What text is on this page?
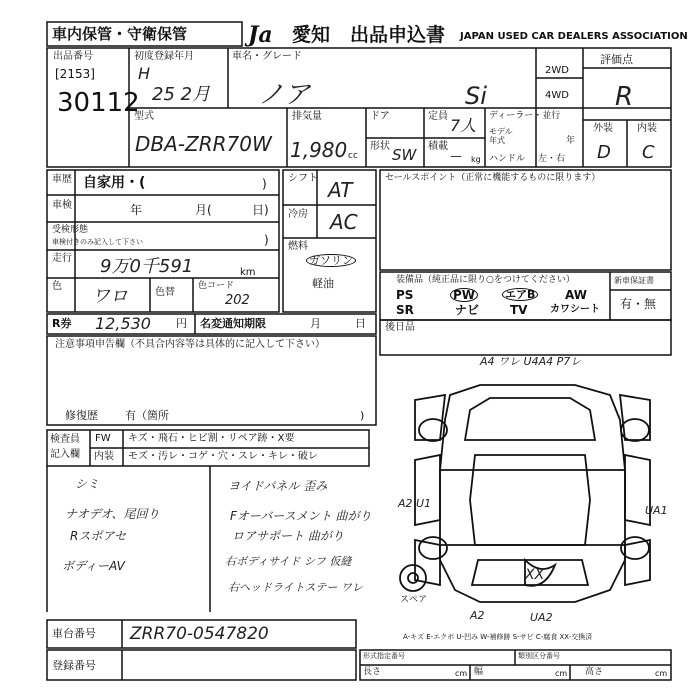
車内保管・守衛保管	Ja 愛知 出品申込書 JAPAN USED CAR DEALERS ASSOCIATION
出品番号
[2153]
30112
初度登録年月
H
25 2月
車名・グレード
ノア	Si
2WD
4WD
評価点
R
外装 内装
D C
型式
DBA-ZRR70W
排気量
1,980 cc
ドア	定員 7人
形状 SW 積載
— kg
ディーラー・並行
モデル
年式	年
ハンドル 左・右
車歴 自家用・(	)
車検	年	月(	日)
受検形態
車検付きのみ記入して下さい	)
走行 9万0千591	km
色 ワロ	色替
色コード
202
シフト AT
冷房 AC
燃料
ガソリン
軽油
セールスポイント（正常に機能するものに限ります）
装備品（純正品に限り○をつけてください）
PS	PW	エアB AW
SR	ナビ	TV カワシート
新車保証書
有・無
後日品
R券 12,530 円 名変通知期限	月	日
注意事項申告欄（不具合内容等は具体的に記入して下さい）
修復歴 有（箇所	)
検査員
記入欄
FW キズ・飛石・ヒビ割・リペア跡・X要
内装 モズ・汚レ・コゲ・穴・スレ・キレ・破レ
シミ
ナオデオ、尾回り
Rスポアセ
ボディーAV
ヨイドパネル 歪み
Fオーバースメント 曲がり
ロアサポート 曲がり
右ボディサイド シフ 仮縫
右ヘッドライトステー ワレ
A4 ワレ U4A4 P7レ
UA1
A2 U1
A2	UA2
XX
スペア
A-キズ E-エクボ U-凹み W-補修跡 S-サビ C-腐食 XX-交換済
車台番号 ZRR70-0547820
登録番号
形式指定番号	類別区分番号
長さ	cm 幅	cm 高さ	cm
